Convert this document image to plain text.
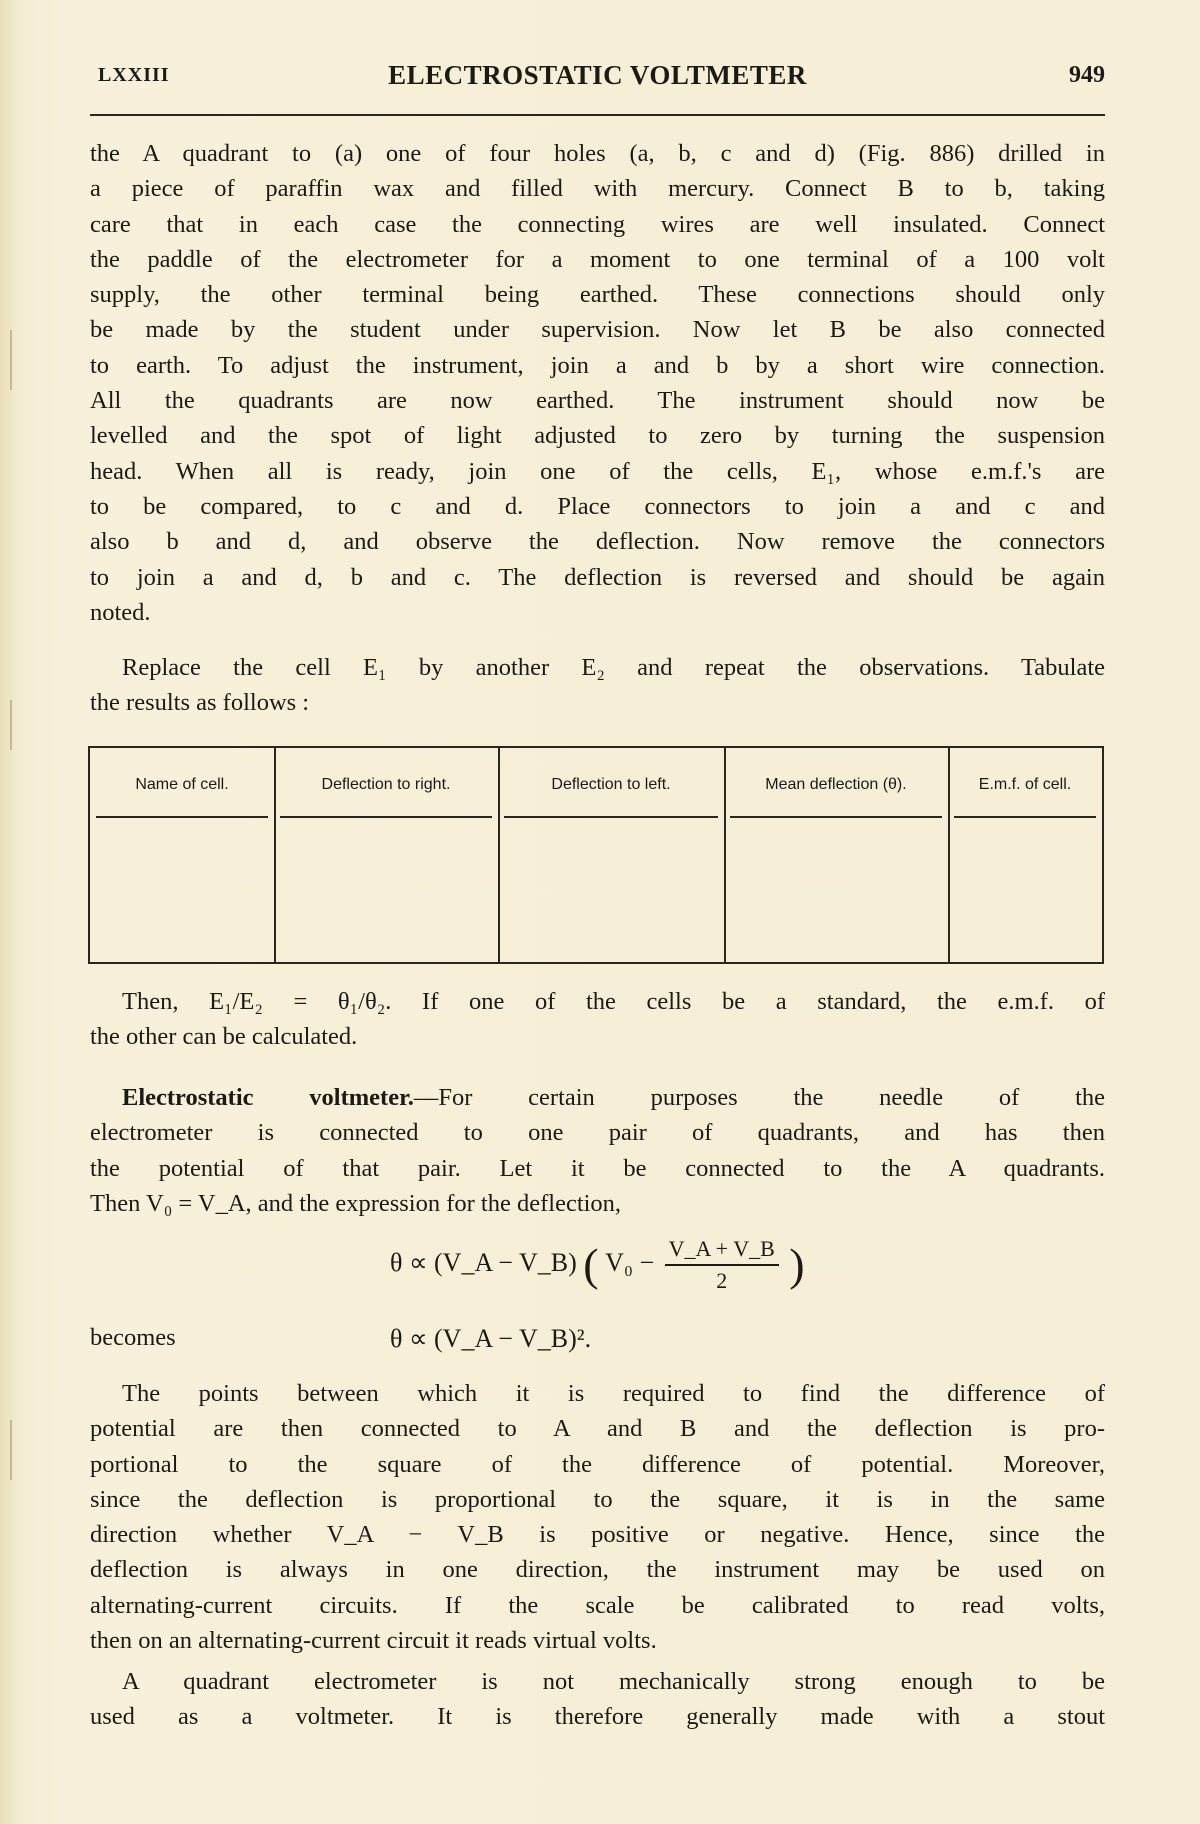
LXXIII	ELECTROSTATIC VOLTMETER	949
the A quadrant to (a) one of four holes (a, b, c and d) (Fig. 886) drilled in
a piece of paraffin wax and filled with mercury. Connect B to b, taking
care that in each case the connecting wires are well insulated. Connect
the paddle of the electrometer for a moment to one terminal of a 100 volt
supply, the other terminal being earthed. These connections should only
be made by the student under supervision. Now let B be also connected
to earth. To adjust the instrument, join a and b by a short wire connection.
All the quadrants are now earthed. The instrument should now be
levelled and the spot of light adjusted to zero by turning the suspension
head. When all is ready, join one of the cells, E₁, whose e.m.f.'s are
to be compared, to c and d. Place connectors to join a and c and
also b and d, and observe the deflection. Now remove the connectors
to join a and d, b and c. The deflection is reversed and should be again
noted.
Replace the cell E₁ by another E₂ and repeat the observations. Tabulate
the results as follows :
Name of cell.	Deflection to right.	Deflection to left.	Mean deflection (θ).	E.m.f. of cell.
Then, E₁/E₂ = θ₁/θ₂. If one of the cells be a standard, the e.m.f. of
the other can be calculated.
Electrostatic voltmeter.—For certain purposes the needle of the
electrometer is connected to one pair of quadrants, and has then
the potential of that pair. Let it be connected to the A quadrants.
Then V₀ = V_A, and the expression for the deflection,
θ ∝ (V_A − V_B) ( $V_0 - \frac{V\_A + V\_B}{2}$ )
becomes	θ ∝ (V_A − V_B)².
The points between which it is required to find the difference of
potential are then connected to A and B and the deflection is pro-
portional to the square of the difference of potential. Moreover,
since the deflection is proportional to the square, it is in the same
direction whether V_A − V_B is positive or negative. Hence, since the
deflection is always in one direction, the instrument may be used on
alternating-current circuits. If the scale be calibrated to read volts,
then on an alternating-current circuit it reads virtual volts.
A quadrant electrometer is not mechanically strong enough to be
used as a voltmeter. It is therefore generally made with a stout
